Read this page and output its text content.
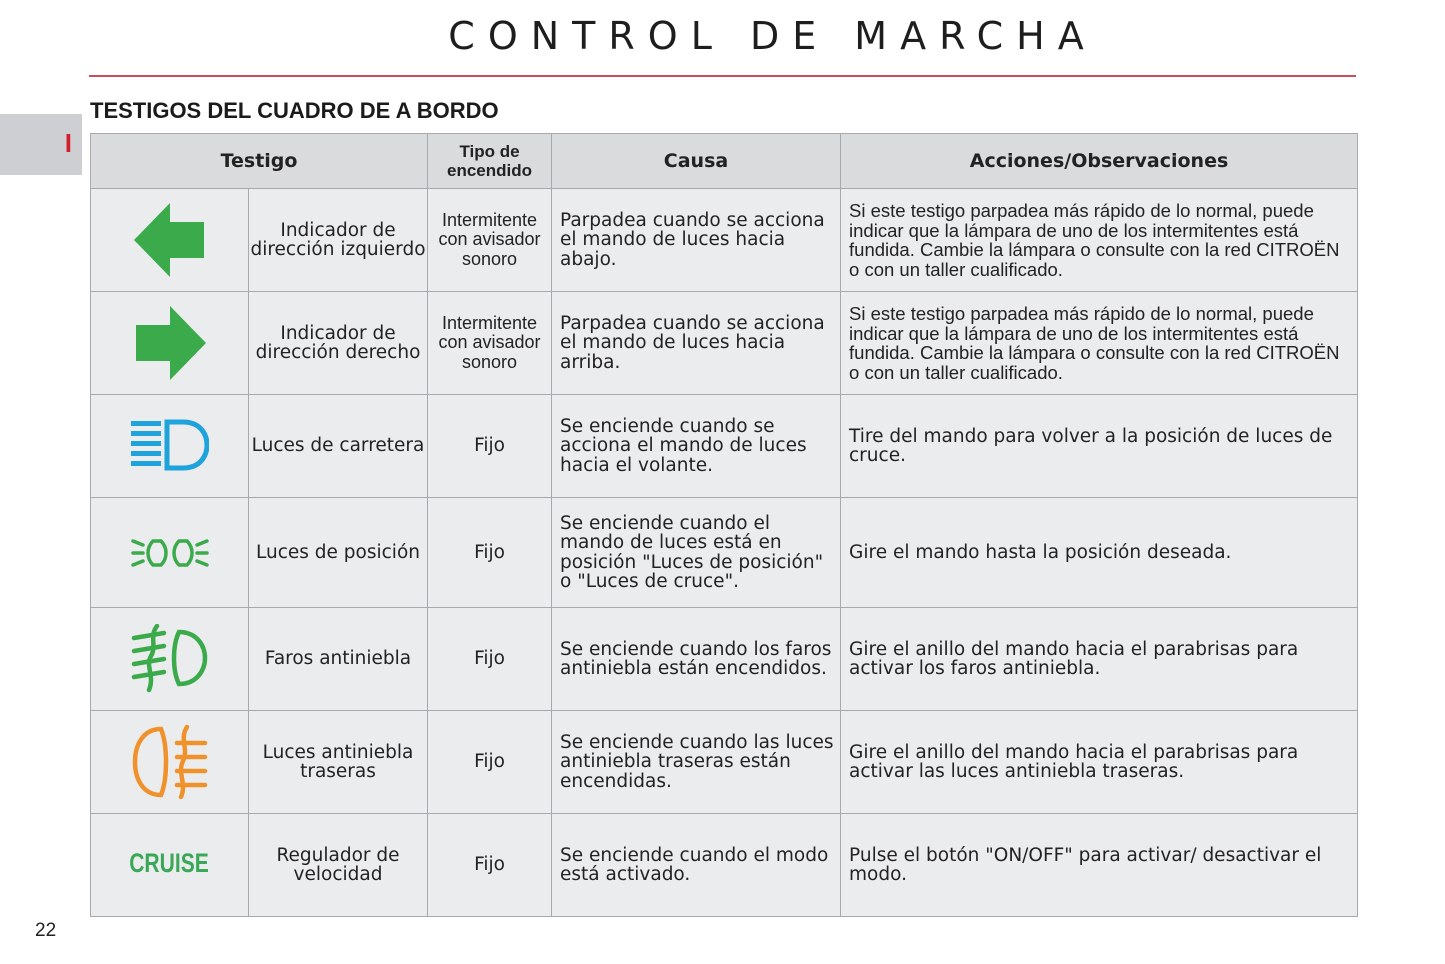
CONTROL DE MARCHA
I
TESTIGOS DEL CUADRO DE A BORDO
Testigo		Tipo de encendido	Causa	Acciones/Observaciones
	Indicador de dirección izquierdo	Intermitente con avisador sonoro	Parpadea cuando se acciona el mando de luces hacia abajo.	Si este testigo parpadea más rápido de lo normal, puede indicar que la lámpara de uno de los intermitentes está fundida. Cambie la lámpara o consulte con la red CITROËN o con un taller cualificado.
	Indicador de dirección derecho	Intermitente con avisador sonoro	Parpadea cuando se acciona el mando de luces hacia arriba.	Si este testigo parpadea más rápido de lo normal, puede indicar que la lámpara de uno de los intermitentes está fundida. Cambie la lámpara o consulte con la red CITROËN o con un taller cualificado.
	Luces de carretera	Fijo	Se enciende cuando se acciona el mando de luces hacia el volante.	Tire del mando para volver a la posición de luces de cruce.
	Luces de posición	Fijo	Se enciende cuando el mando de luces está en posición "Luces de posición" o "Luces de cruce".	Gire el mando hasta la posición deseada.
	Faros antiniebla	Fijo	Se enciende cuando los faros antiniebla están encendidos.	Gire el anillo del mando hacia el parabrisas para activar los faros antiniebla.
	Luces antiniebla traseras	Fijo	Se enciende cuando las luces antiniebla traseras están encendidas.	Gire el anillo del mando hacia el parabrisas para activar las luces antiniebla traseras.
CRUISE	Regulador de velocidad	Fijo	Se enciende cuando el modo está activado.	Pulse el botón "ON/OFF" para activar/ desactivar el modo.
22
